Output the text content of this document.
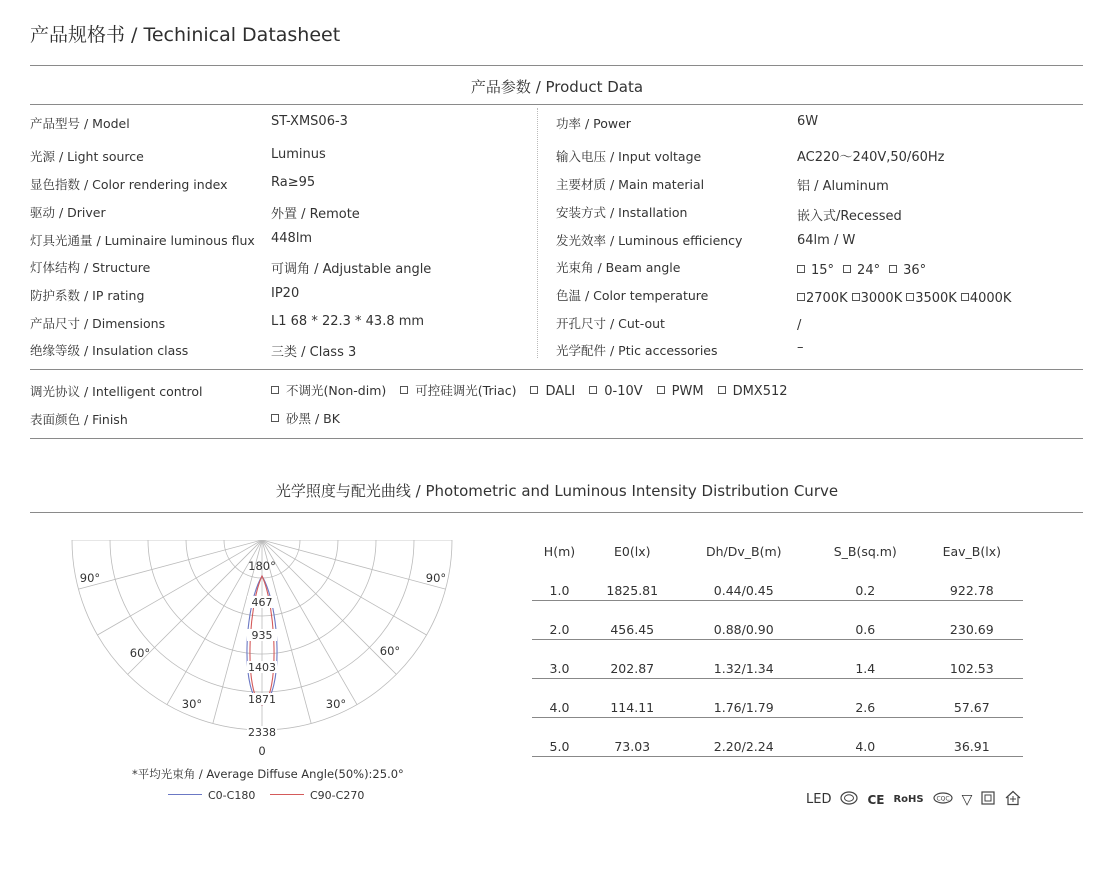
产品规格书 / Techinical Datasheet
产品参数 / Product Data
产品型号 / Model	ST-XMS06-3
光源 / Light source	Luminus
显色指数 / Color rendering index	Ra≥95
驱动 / Driver	外置 / Remote
灯具光通量 / Luminaire luminous flux 448lm
灯体结构 / Structure	可调角 / Adjustable angle
防护系数 / IP rating	IP20
产品尺寸 / Dimensions	L1 68 * 22.3 * 43.8 mm
绝缘等级 / Insulation class	三类 / Class 3
功率 / Power	6W
输入电压 / Input voltage	AC220～240V,50/60Hz
主要材质 / Main material	铝 / Aluminum
安装方式 / Installation	嵌入式/Recessed
发光效率 / Luminous efficiency	64lm / W
光束角 / Beam angle	15° 24° 36°
色温 / Color temperature	2700K 3000K 3500K 4000K
开孔尺寸 / Cut-out	/
光学配件 / Ptic accessories	–
调光协议 / Intelligent control	不调光(Non-dim) 可控硅调光(Triac) DALI 0-10V PWM DMX512
表面颜色 / Finish	砂黑 / BK
光学照度与配光曲线 / Photometric and Luminous Intensity Distribution Curve
180°
90°	90°
60°	60°
30°	30°
0
467
935
1403
1871
2338
*平均光束角 / Average Diffuse Angle(50%):25.0°
C0-C180	C90-C270
H(m)	E0(lx)	Dh/Dv_B(m)	S_B(sq.m)	Eav_B(lx)
1.0	1825.81	0.44/0.45	0.2	922.78
2.0	456.45	0.88/0.90	0.6	230.69
3.0	202.87	1.32/1.34	1.4	102.53
4.0	114.11	1.76/1.79	2.6	57.67
5.0	73.03	2.20/2.24	4.0	36.91
LED	CE RoHS CQC ▽
